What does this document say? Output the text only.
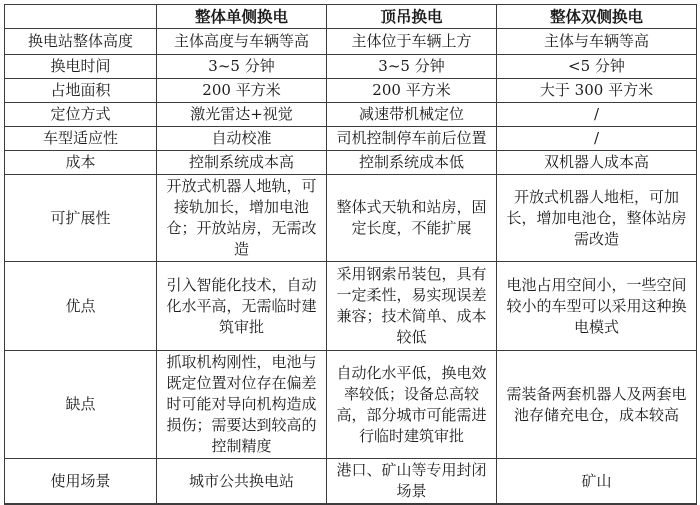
	整体单侧换电	顶吊换电	整体双侧换电
换电站整体高度	主体高度与车辆等高	主体位于车辆上方	主体与车辆等高
换电时间	3~5 分钟	3~5 分钟	<5 分钟
占地面积	200 平方米	200 平方米	大于 300 平方米
定位方式	激光雷达+视觉	减速带机械定位	/
车型适应性	自动校准	司机控制停车前后位置	/
成本	控制系统成本高	控制系统成本低	双机器人成本高
可扩展性	开放式机器人地轨，可接轨加长，增加电池仓；开放站房，无需改造	整体式天轨和站房，固定长度，不能扩展	开放式机器人地柜，可加长，增加电池仓，整体站房需改造
优点	引入智能化技术，自动化水平高，无需临时建筑审批	采用钢索吊装包，具有一定柔性，易实现误差兼容；技术简单、成本较低	电池占用空间小，一些空间较小的车型可以采用这种换电模式
缺点	抓取机构刚性，电池与既定位置对位存在偏差时可能对导向机构造成损伤；需要达到较高的控制精度	自动化水平低，换电效率较低；设备总高较高，部分城市可能需进行临时建筑审批	需装备两套机器人及两套电池存储充电仓，成本较高
使用场景	城市公共换电站	港口、矿山等专用封闭场景	矿山
